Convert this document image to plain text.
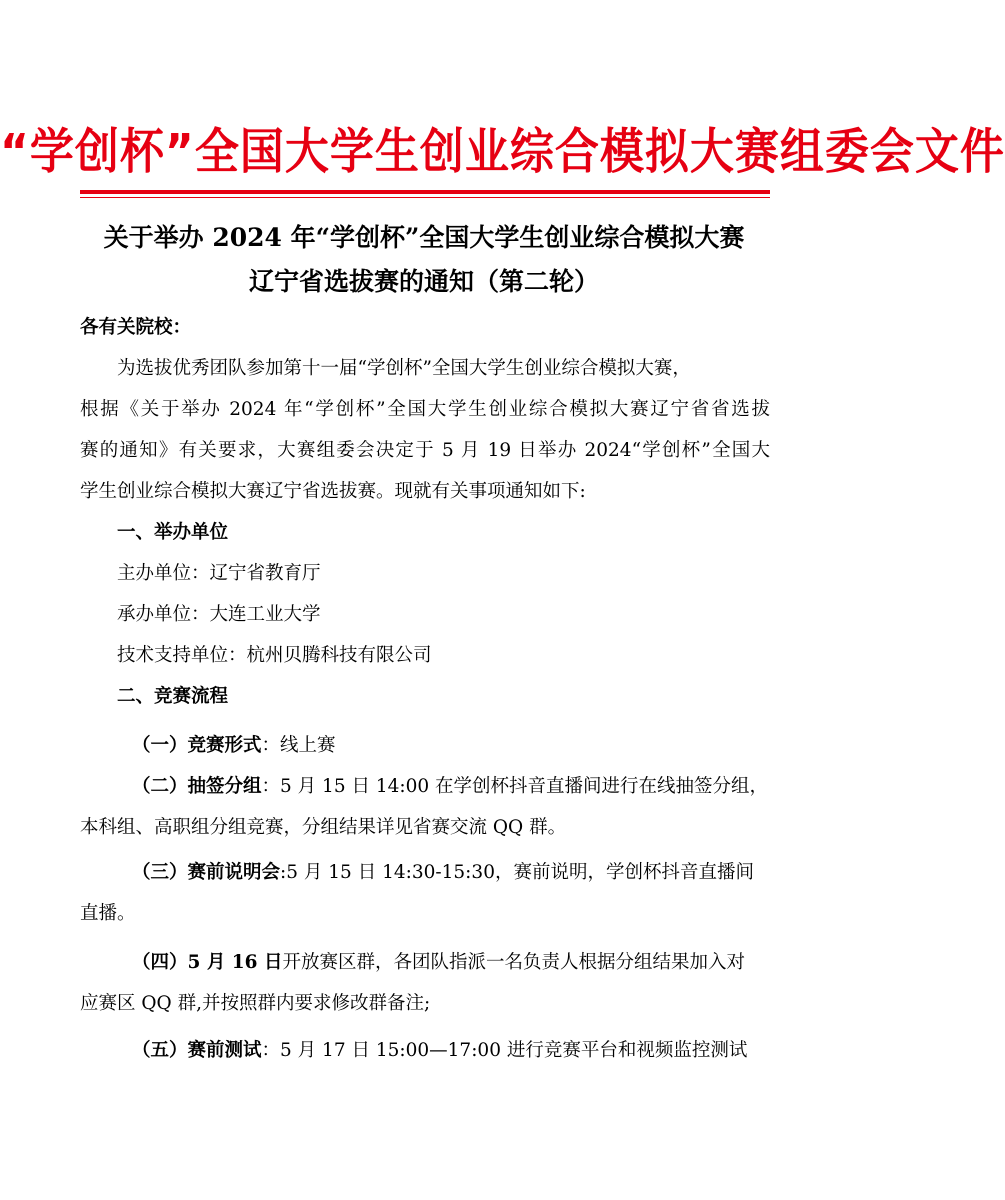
“学创杯”全国大学生创业综合模拟大赛组委会文件
关于举办 2024 年“学创杯”全国大学生创业综合模拟大赛
辽宁省选拔赛的通知（第二轮）
各有关院校：
为选拔优秀团队参加第十一届“学创杯”全国大学生创业综合模拟大赛，
根据《关于举办 2024 年“学创杯”全国大学生创业综合模拟大赛辽宁省省选拔
赛的通知》有关要求，大赛组委会决定于 5 月 19 日举办 2024“学创杯”全国大
学生创业综合模拟大赛辽宁省选拔赛。现就有关事项通知如下:
一、举办单位
主办单位：辽宁省教育厅
承办单位：大连工业大学
技术支持单位：杭州贝腾科技有限公司
二、竞赛流程
（一）竞赛形式：线上赛
（二）抽签分组：5 月 15 日 14:00 在学创杯抖音直播间进行在线抽签分组，
本科组、高职组分组竞赛，分组结果详见省赛交流 QQ 群。
（三）赛前说明会:5 月 15 日 14:30-15:30，赛前说明，学创杯抖音直播间
直播。
（四）5 月 16 日开放赛区群，各团队指派一名负责人根据分组结果加入对
应赛区 QQ 群,并按照群内要求修改群备注;
（五）赛前测试：5 月 17 日 15:00—17:00 进行竞赛平台和视频监控测试
